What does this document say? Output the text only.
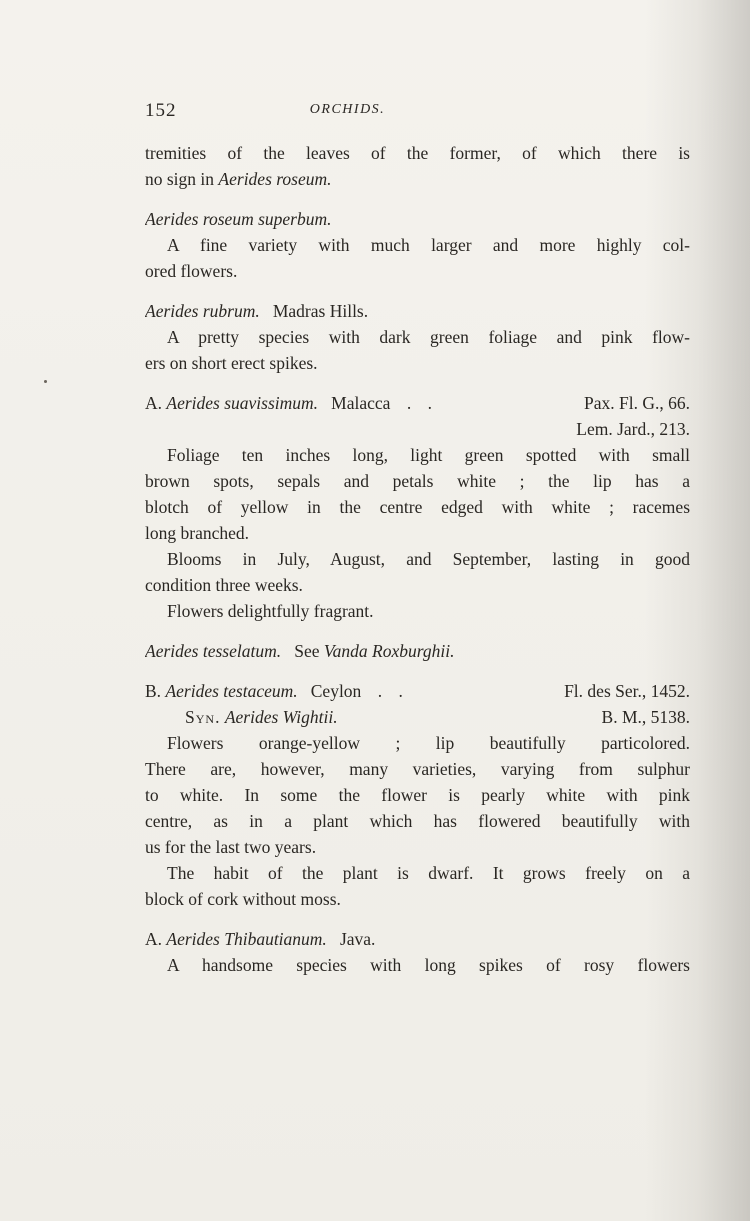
152	ORCHIDS.
tremities of the leaves of the former, of which there is
no sign in Aerides roseum.
Aerides roseum superbum.
A fine variety with much larger and more highly col-
ored flowers.
Aerides rubrum. Madras Hills.
A pretty species with dark green foliage and pink flow-
ers on short erect spikes.
A. Aerides suavissimum. Malacca . .	Pax. Fl. G., 66.
Lem. Jard., 213.
Foliage ten inches long, light green spotted with small
brown spots, sepals and petals white ; the lip has a
blotch of yellow in the centre edged with white ; racemes
long branched.
Blooms in July, August, and September, lasting in good
condition three weeks.
Flowers delightfully fragrant.
Aerides tesselatum. See Vanda Roxburghii.
B. Aerides testaceum. Ceylon . .	Fl. des Ser., 1452.
Syn. Aerides Wightii.	B. M., 5138.
Flowers orange-yellow ; lip beautifully particolored.
There are, however, many varieties, varying from sulphur
to white. In some the flower is pearly white with pink
centre, as in a plant which has flowered beautifully with
us for the last two years.
The habit of the plant is dwarf. It grows freely on a
block of cork without moss.
A. Aerides Thibautianum. Java.
A handsome species with long spikes of rosy flowers
